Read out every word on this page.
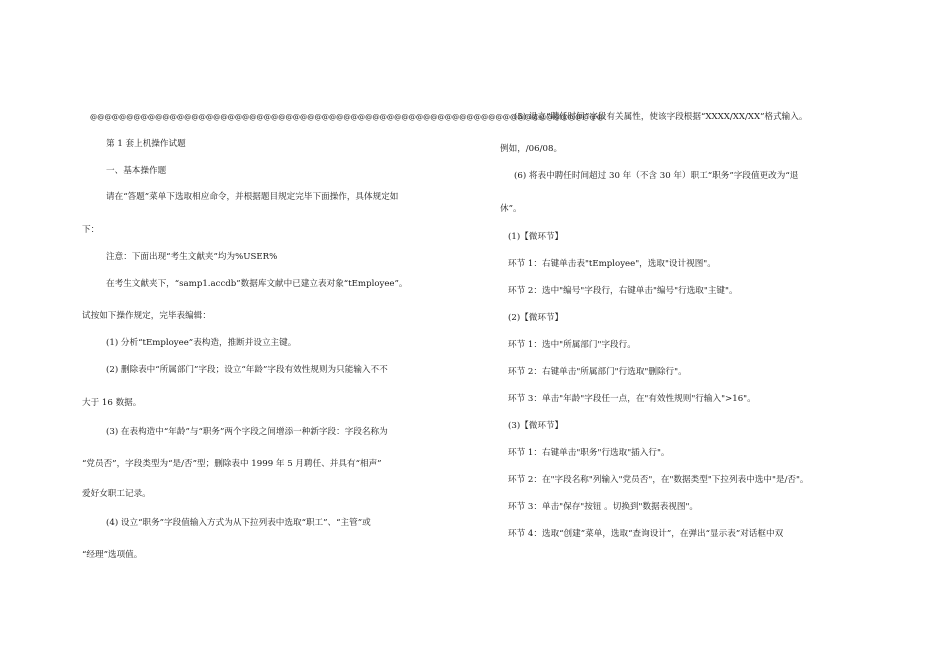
@@@@@@@@@@@@@@@@@@@@@@@@@@@@@@@@@@@@@@@@@@@@@@@@@@@@@@@@@@@@@@@@@@@@@@@
第 1 套上机操作试题
一、基本操作题
请在“答题”菜单下选取相应命令，并根据题目规定完毕下面操作，具体规定如
下：
注意：下面出现“考生文献夹”均为%USER%
在考生文献夹下，“samp1.accdb”数据库文献中已建立表对象“tEmployee”。
试按如下操作规定，完毕表编辑：
(1) 分析“tEmployee”表构造，推断并设立主键。
(2) 删除表中“所属部门”字段；设立“年龄”字段有效性规则为只能输入不不
大于 16 数据。
(3) 在表构造中“年龄”与“职务”两个字段之间增添一种新字段：字段名称为
“党员否”，字段类型为“是/否”型；删除表中 1999 年 5 月聘任、并具有“相声”
爱好女职工记录。
(4) 设立“职务”字段值输入方式为从下拉列表中选取“职工”、“主管”或
“经理”选项值。
(5) 设立“聘任时间”字段有关属性，使该字段根据“XXXX/XX/XX”格式输入。
例如，/06/08。
(6) 将表中聘任时间超过 30 年（不含 30 年）职工“职务”字段值更改为“退
休”。
(1)【微环节】
环节 1：右键单击表"tEmployee"，选取"设计视图"。
环节 2：选中"编号"字段行，右键单击"编号"行选取"主键"。
(2)【微环节】
环节 1：选中"所属部门"字段行。
环节 2：右键单击"所属部门"行选取"删除行"。
环节 3：单击"年龄"字段任一点，在"有效性规则"行输入">16"。
(3)【微环节】
环节 1：右键单击"职务"行选取"插入行"。
环节 2：在"字段名称"列输入"党员否"，在"数据类型"下拉列表中选中"是/否"。
环节 3：单击"保存"按钮 。切换到"数据表视图"。
环节 4：选取“创建”菜单，选取“查询设计”，在弹出“显示表”对话框中双
